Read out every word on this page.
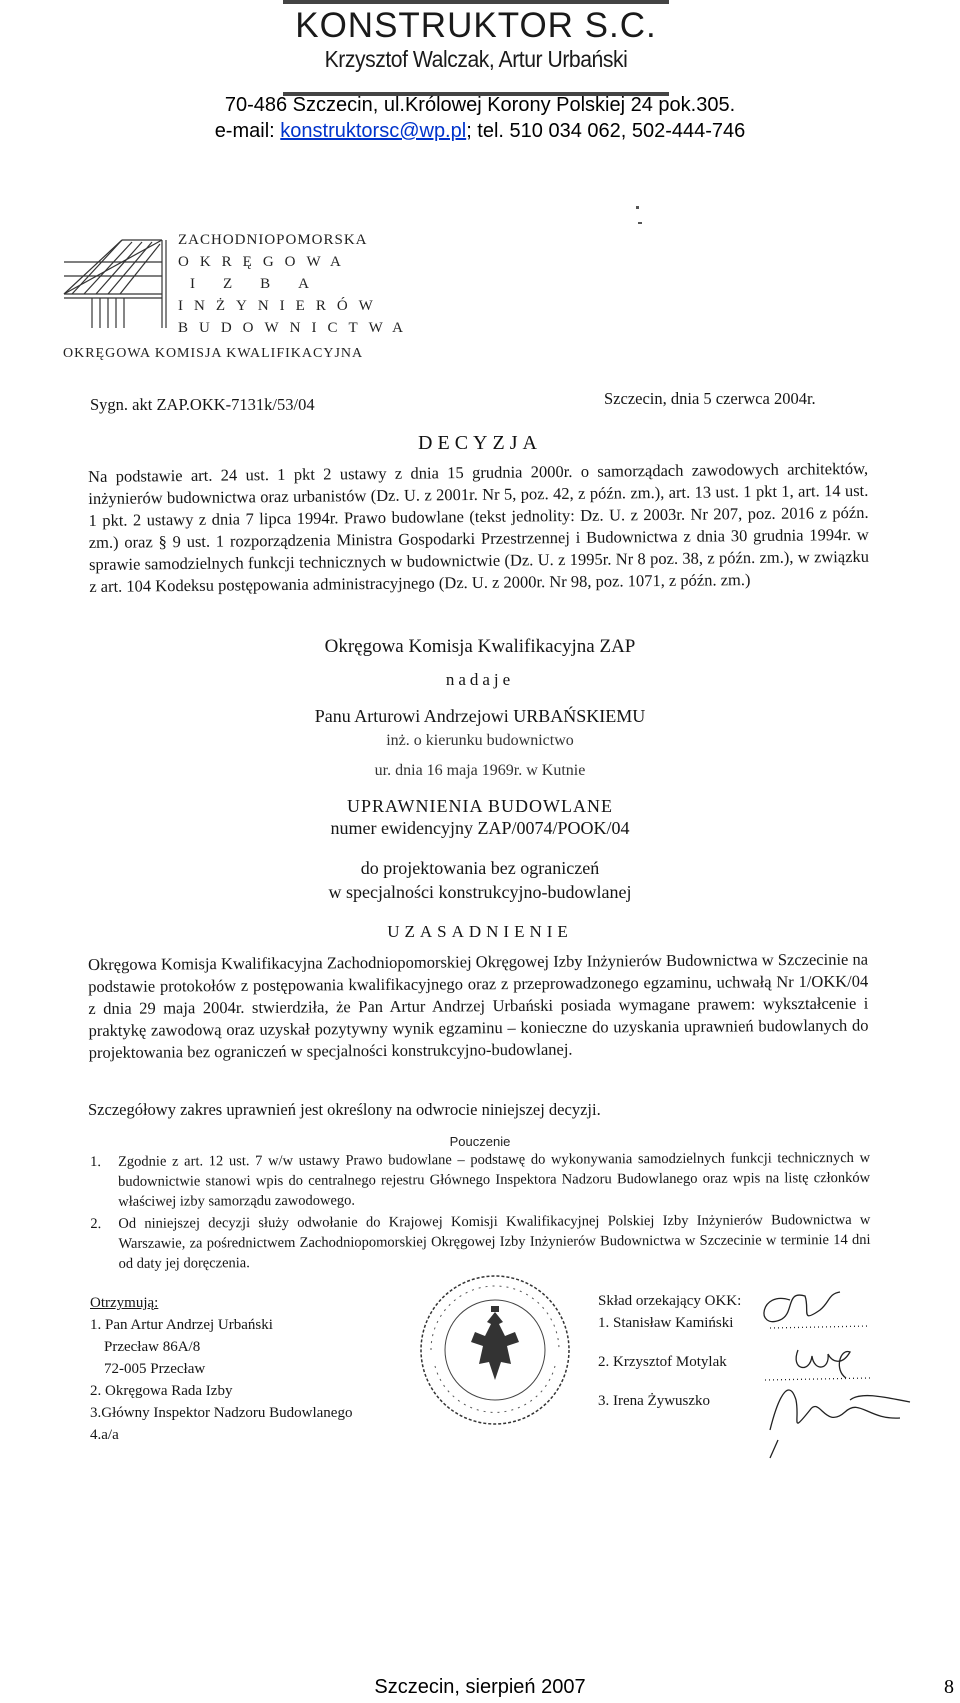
KONSTRUKTOR S.C.
Krzysztof Walczak, Artur Urbański
70-486 Szczecin, ul.Królowej Korony Polskiej 24 pok.305.
e-mail: konstruktorsc@wp.pl; tel. 510 034 062, 502-444-746
ZACHODNIOPOMORSKA
OKRĘGOWA
IZBA
INŻYNIERÓW
BUDOWNICTWA
OKRĘGOWA KOMISJA KWALIFIKACYJNA
Sygn. akt ZAP.OKK-7131k/53/04	Szczecin, dnia 5 czerwca 2004r.
DECYZJA
Na podstawie art. 24 ust. 1 pkt 2 ustawy z dnia 15 grudnia 2000r. o samorządach zawodowych architektów, inżynierów budownictwa oraz urbanistów (Dz. U. z 2001r. Nr 5, poz. 42, z późn. zm.), art. 13 ust. 1 pkt 1, art. 14 ust. 1 pkt. 2 ustawy z dnia 7 lipca 1994r. Prawo budowlane (tekst jednolity: Dz. U. z 2003r. Nr 207, poz. 2016 z późn. zm.) oraz § 9 ust. 1 rozporządzenia Ministra Gospodarki Przestrzennej i Budownictwa z dnia 30 grudnia 1994r. w sprawie samodzielnych funkcji technicznych w budownictwie (Dz. U. z 1995r. Nr 8 poz. 38, z późn. zm.), w związku z art. 104 Kodeksu postępowania administracyjnego (Dz. U. z 2000r. Nr 98, poz. 1071, z późn. zm.)
Okręgowa Komisja Kwalifikacyjna ZAP
nadaje
Panu Arturowi Andrzejowi URBAŃSKIEMU
inż. o kierunku budownictwo
ur. dnia 16 maja 1969r. w Kutnie
UPRAWNIENIA BUDOWLANE
numer ewidencyjny ZAP/0074/POOK/04
do projektowania bez ograniczeń
w specjalności konstrukcyjno-budowlanej
UZASADNIENIE
Okręgowa Komisja Kwalifikacyjna Zachodniopomorskiej Okręgowej Izby Inżynierów Budownictwa w Szczecinie na podstawie protokołów z postępowania kwalifikacyjnego oraz z przeprowadzonego egzaminu, uchwałą Nr 1/OKK/04 z dnia 29 maja 2004r. stwierdziła, że Pan Artur Andrzej Urbański posiada wymagane prawem: wykształcenie i praktykę zawodową oraz uzyskał pozytywny wynik egzaminu – konieczne do uzyskania uprawnień budowlanych do projektowania bez ograniczeń w specjalności konstrukcyjno-budowlanej.
Szczegółowy zakres uprawnień jest określony na odwrocie niniejszej decyzji.
Pouczenie
1.	Zgodnie z art. 12 ust. 7 w/w ustawy Prawo budowlane – podstawę do wykonywania samodzielnych funkcji technicznych w budownictwie stanowi wpis do centralnego rejestru Głównego Inspektora Nadzoru Budowlanego oraz wpis na listę członków właściwej izby samorządu zawodowego.
2.	Od niniejszej decyzji służy odwołanie do Krajowej Komisji Kwalifikacyjnej Polskiej Izby Inżynierów Budownictwa w Warszawie, za pośrednictwem Zachodniopomorskiej Okręgowej Izby Inżynierów Budownictwa w Szczecinie w terminie 14 dni od daty jej doręczenia.
Otrzymują:
1. Pan Artur Andrzej Urbański
Przecław 86A/8
72-005 Przecław
2. Okręgowa Rada Izby
3.Główny Inspektor Nadzoru Budowlanego
4.a/a
Skład orzekający OKK:
1. Stanisław Kamiński
2. Krzysztof Motylak
3. Irena Żywuszko
Szczecin, sierpień 2007	8
